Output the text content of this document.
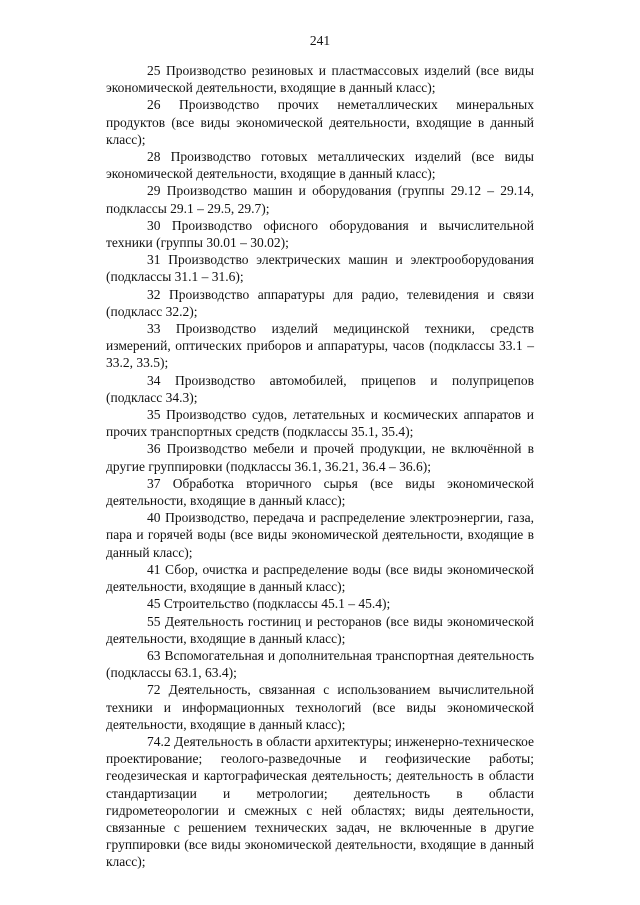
241

25 Производство резиновых и пластмассовых изделий (все виды экономической деятельности, входящие в данный класс);

26 Производство прочих неметаллических минеральных продуктов (все виды экономической деятельности, входящие в данный класс);

28 Производство готовых металлических изделий (все виды экономической деятельности, входящие в данный класс);

29 Производство машин и оборудования (группы 29.12 – 29.14, подклассы 29.1 – 29.5, 29.7);

30 Производство офисного оборудования и вычислительной техники (группы 30.01 – 30.02);

31 Производство электрических машин и электрооборудования (подклассы 31.1 – 31.6);

32 Производство аппаратуры для радио, телевидения и связи (подкласс 32.2);

33 Производство изделий медицинской техники, средств измерений, оптических приборов и аппаратуры, часов (подклассы 33.1 – 33.2, 33.5);

34 Производство автомобилей, прицепов и полуприцепов (подкласс 34.3);

35 Производство судов, летательных и космических аппаратов и прочих транспортных средств (подклассы 35.1, 35.4);

36 Производство мебели и прочей продукции, не включённой в другие группировки (подклассы 36.1, 36.21, 36.4 – 36.6);

37 Обработка вторичного сырья (все виды экономической деятельности, входящие в данный класс);

40 Производство, передача и распределение электроэнергии, газа, пара и горячей воды (все виды экономической деятельности, входящие в данный класс);

41 Сбор, очистка и распределение воды (все виды экономической деятельности, входящие в данный класс);

45 Строительство (подклассы 45.1 – 45.4);

55 Деятельность гостиниц и ресторанов (все виды экономической деятельности, входящие в данный класс);

63 Вспомогательная и дополнительная транспортная деятельность (подклассы 63.1, 63.4);

72 Деятельность, связанная с использованием вычислительной техники и информационных технологий (все виды экономической деятельности, входящие в данный класс);

74.2 Деятельность в области архитектуры; инженерно-техническое проектирование; геолого-разведочные и геофизические работы; геодезическая и картографическая деятельность; деятельность в области стандартизации и метрологии; деятельность в области гидрометеорологии и смежных с ней областях; виды деятельности, связанные с решением технических задач, не включенные в другие группировки (все виды экономической деятельности, входящие в данный класс);
